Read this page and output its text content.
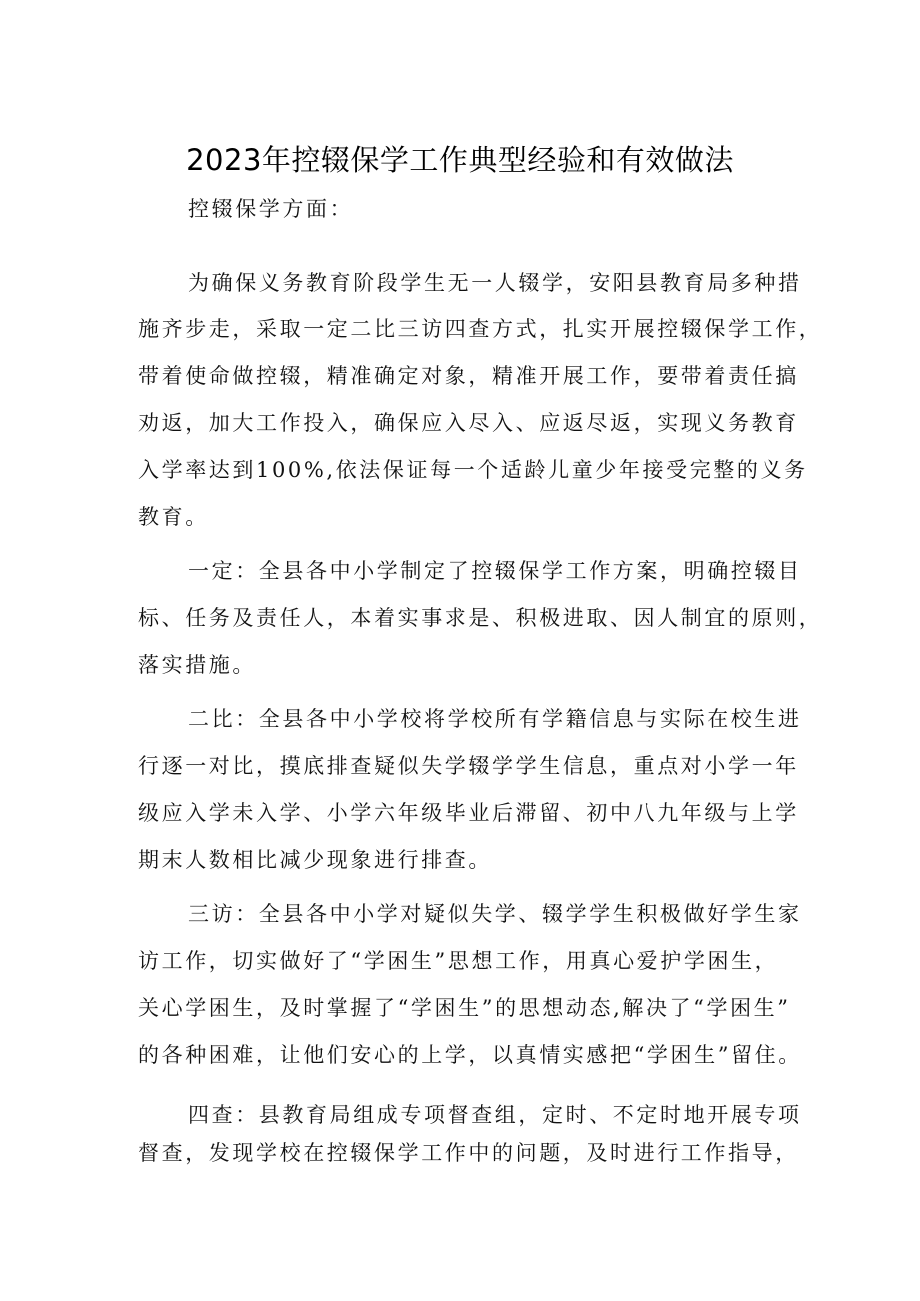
2023年控辍保学工作典型经验和有效做法
控辍保学方面：
为确保义务教育阶段学生无一人辍学，安阳县教育局多种措
施齐步走，采取一定二比三访四查方式，扎实开展控辍保学工作，
带着使命做控辍，精准确定对象，精准开展工作，要带着责任搞
劝返，加大工作投入，确保应入尽入、应返尽返，实现义务教育
入学率达到100%,依法保证每一个适龄儿童少年接受完整的义务
教育。
一定：全县各中小学制定了控辍保学工作方案，明确控辍目
标、任务及责任人，本着实事求是、积极进取、因人制宜的原则，
落实措施。
二比：全县各中小学校将学校所有学籍信息与实际在校生进
行逐一对比，摸底排查疑似失学辍学学生信息，重点对小学一年
级应入学未入学、小学六年级毕业后滞留、初中八九年级与上学
期末人数相比减少现象进行排查。
三访：全县各中小学对疑似失学、辍学学生积极做好学生家
访工作，切实做好了“学困生”思想工作，用真心爱护学困生，
关心学困生，及时掌握了“学困生”的思想动态,解决了“学困生”
的各种困难，让他们安心的上学，以真情实感把“学困生”留住。
四查：县教育局组成专项督查组，定时、不定时地开展专项
督查，发现学校在控辍保学工作中的问题，及时进行工作指导，
